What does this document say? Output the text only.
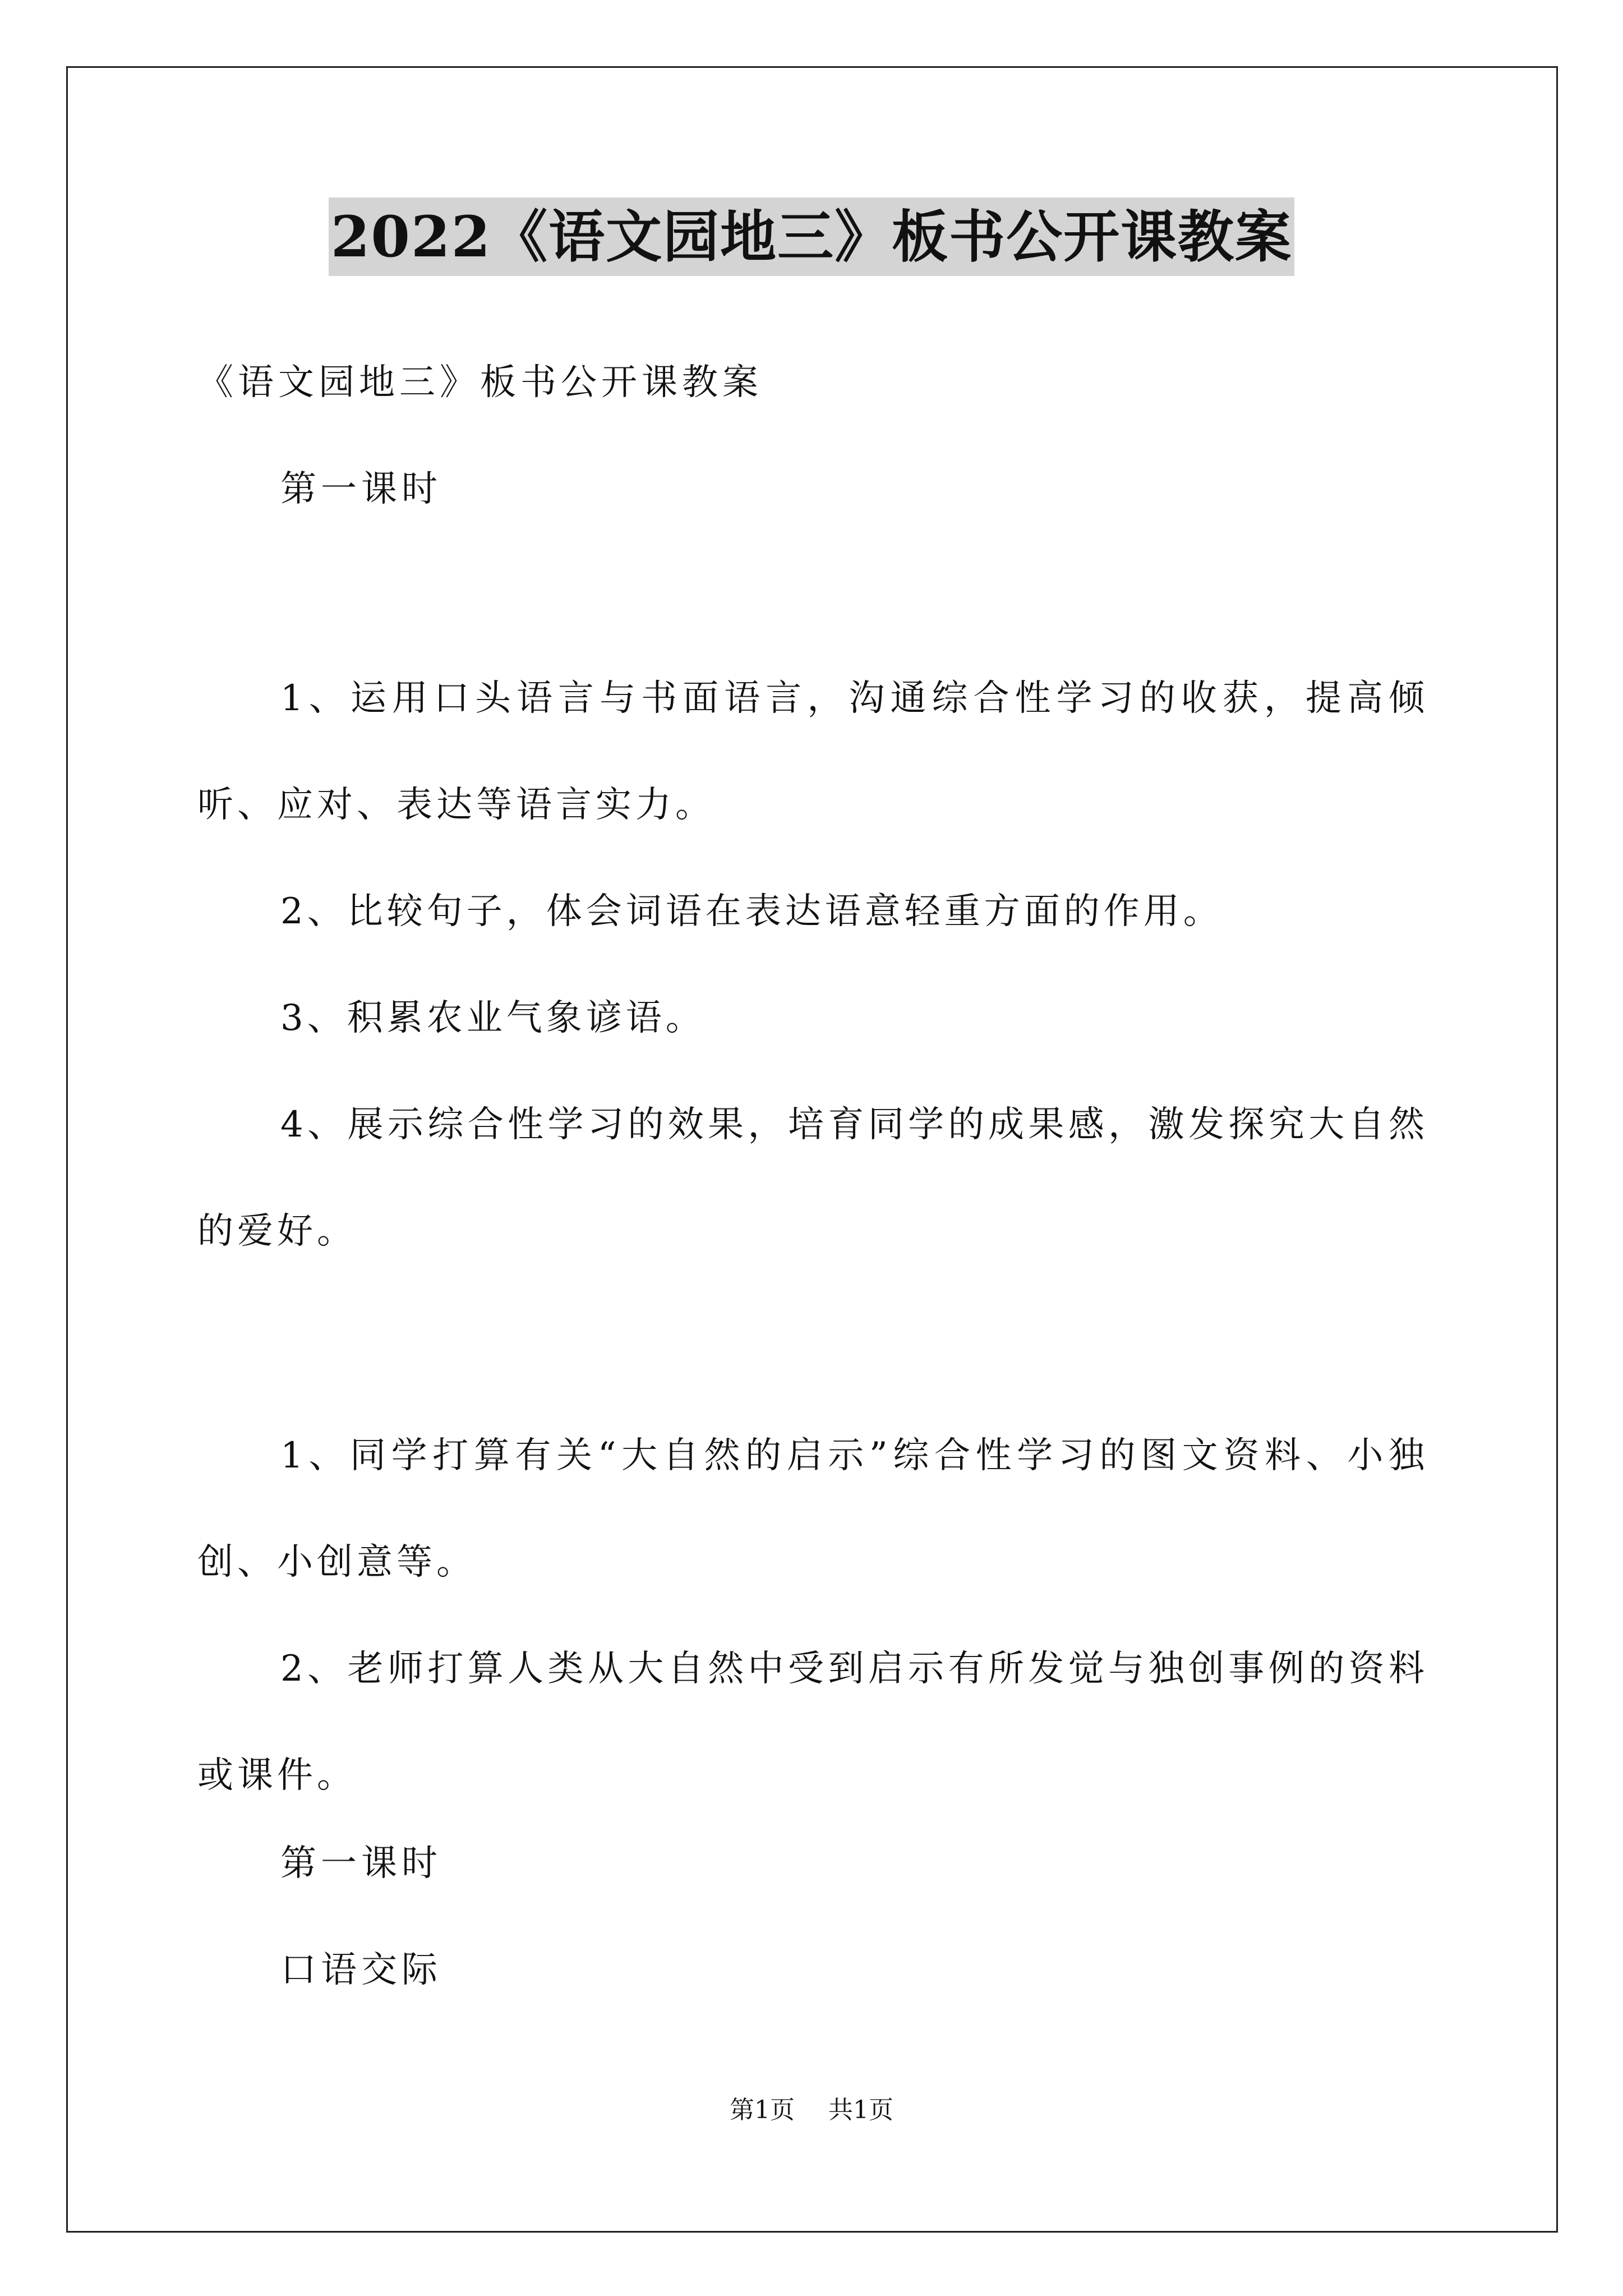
2022《语文园地三》板书公开课教案

《语文园地三》板书公开课教案

第一课时

1、运用口头语言与书面语言，沟通综合性学习的收获，提高倾听、应对、表达等语言实力。

2、比较句子，体会词语在表达语意轻重方面的作用。

3、积累农业气象谚语。

4、展示综合性学习的效果，培育同学的成果感，激发探究大自然的爱好。

1、同学打算有关“大自然的启示”综合性学习的图文资料、小独创、小创意等。

2、老师打算人类从大自然中受到启示有所发觉与独创事例的资料或课件。

第一课时

口语交际

第1页 共1页
